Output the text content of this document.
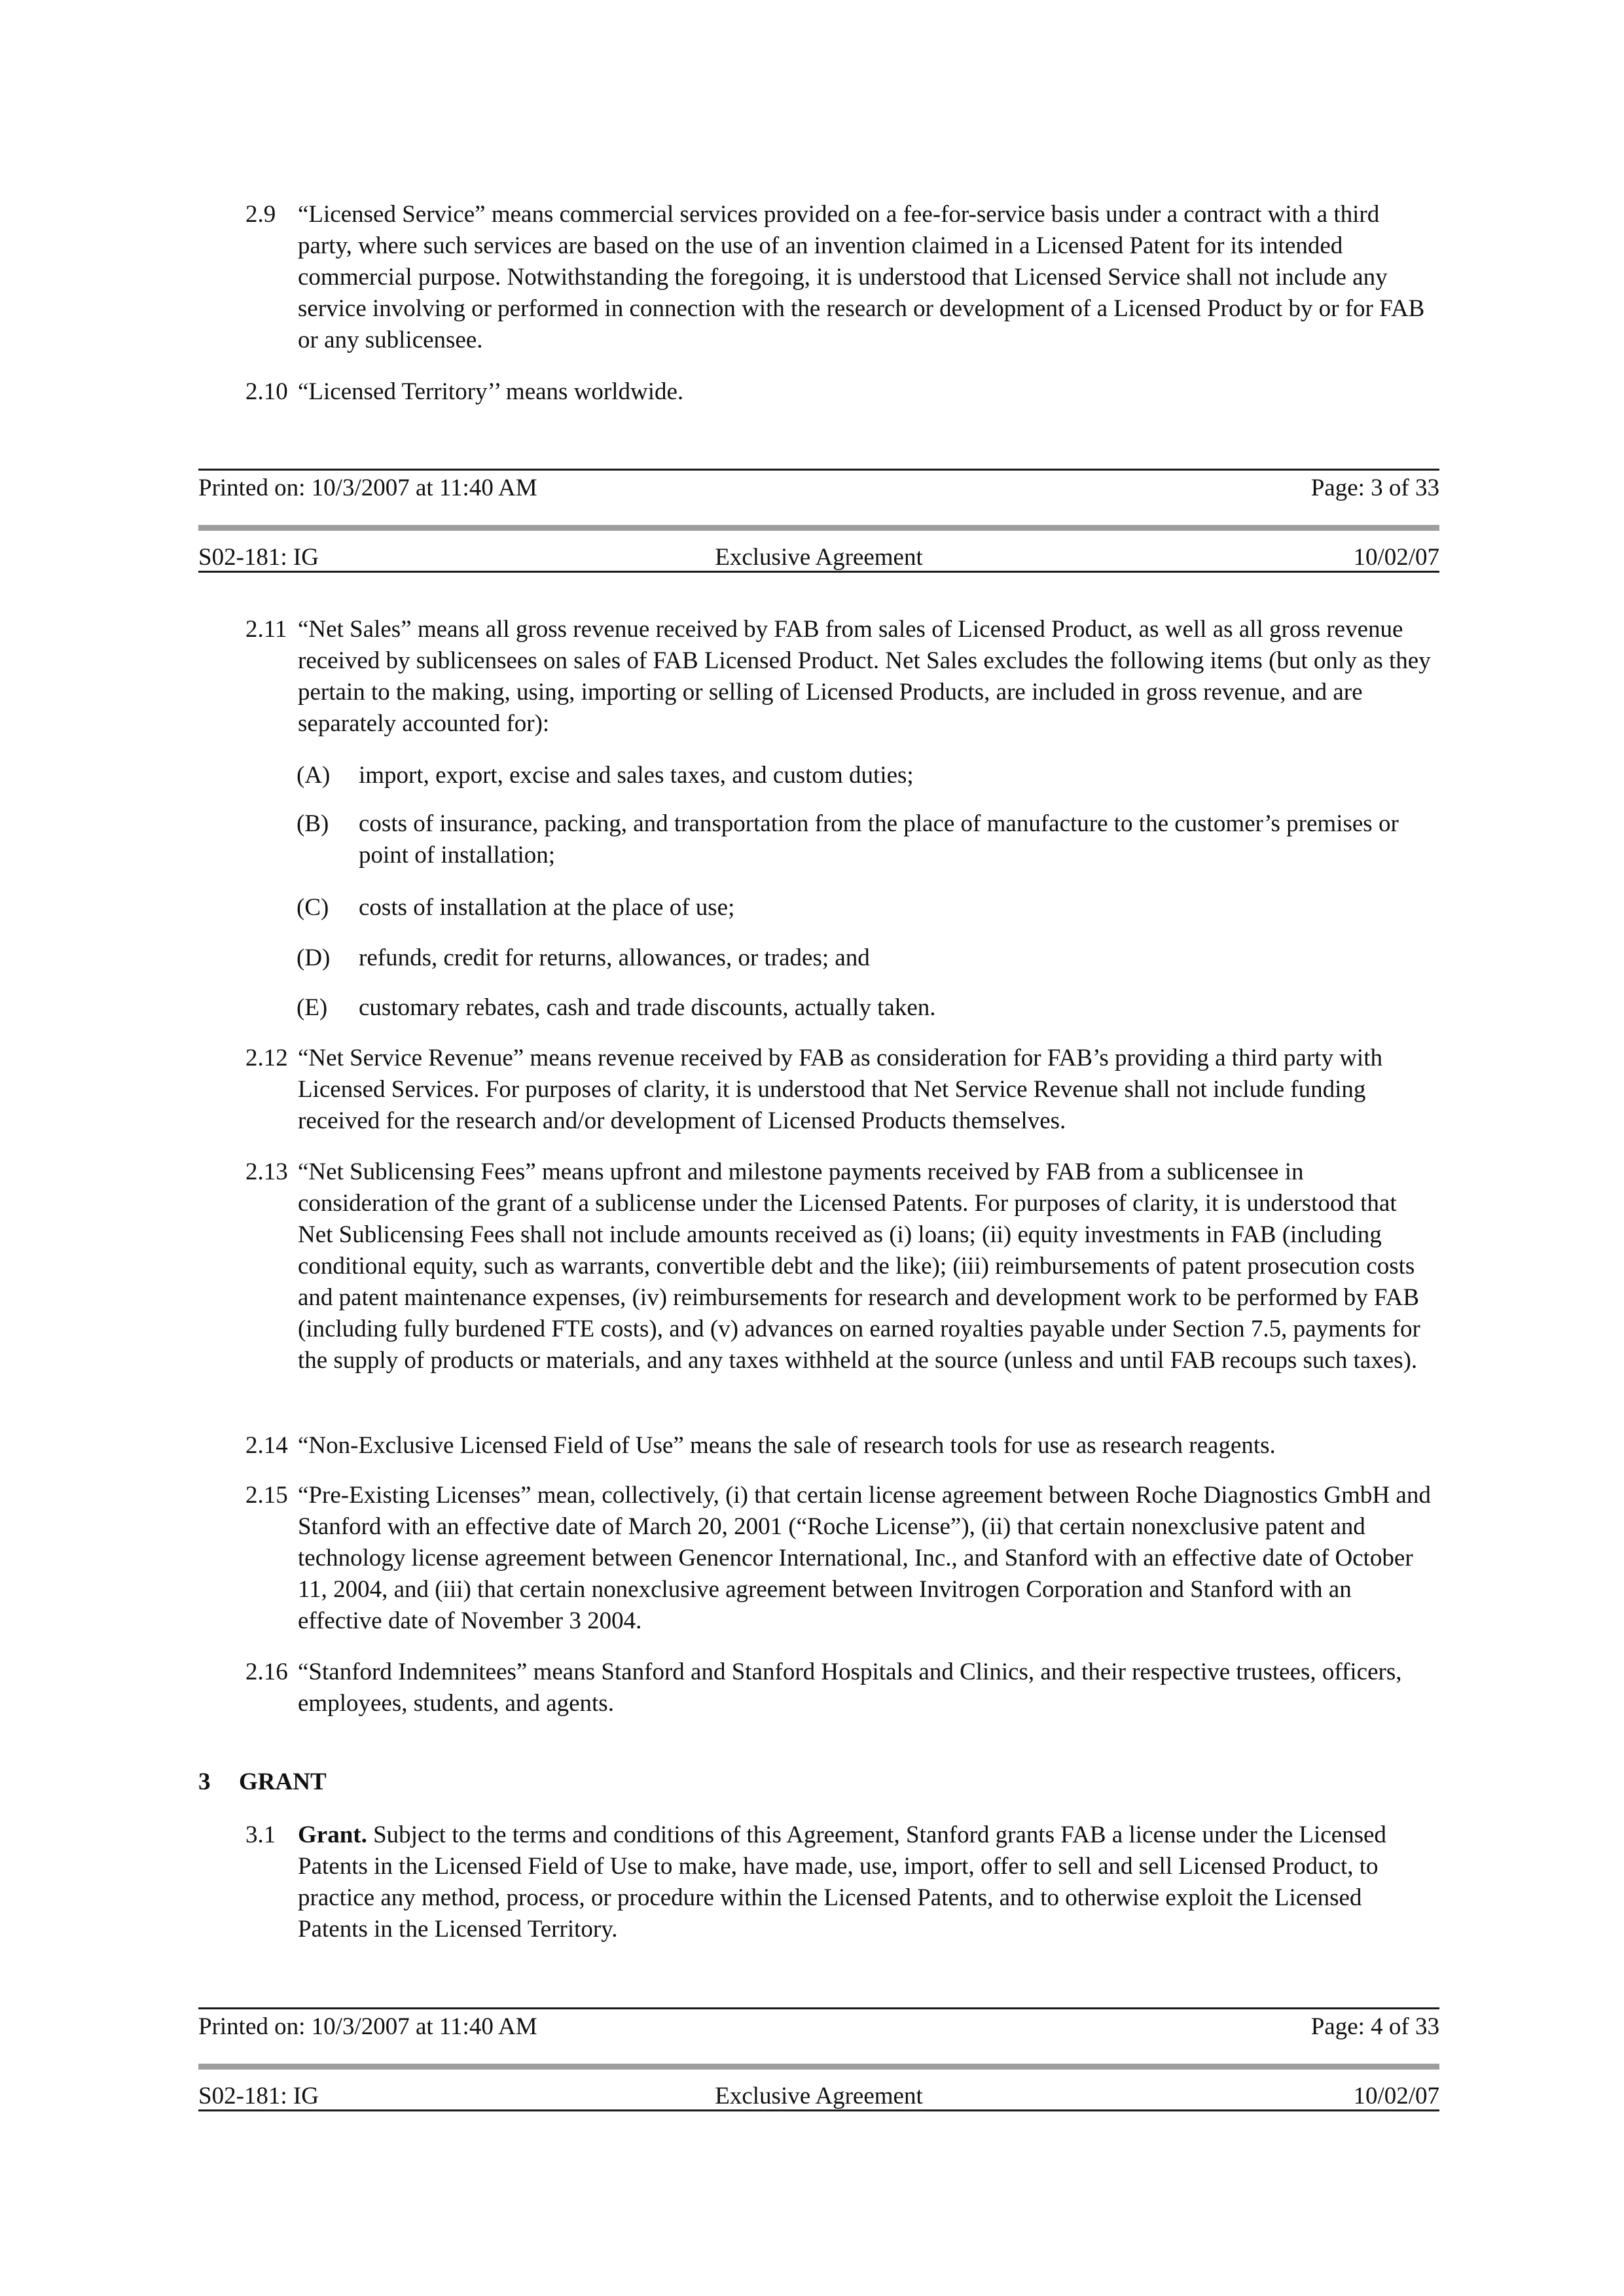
2.9 “Licensed Service” means commercial services provided on a fee-for-service basis under a contract with a third party, where such services are based on the use of an invention claimed in a Licensed Patent for its intended commercial purpose. Notwithstanding the foregoing, it is understood that Licensed Service shall not include any service involving or performed in connection with the research or development of a Licensed Product by or for FAB or any sublicensee.
2.10 “Licensed Territory’’ means worldwide.
Printed on: 10/3/2007 at 11:40 AM	Page: 3 of 33
S02-181: IG	Exclusive Agreement	10/02/07
2.11 “Net Sales” means all gross revenue received by FAB from sales of Licensed Product, as well as all gross revenue received by sublicensees on sales of FAB Licensed Product. Net Sales excludes the following items (but only as they pertain to the making, using, importing or selling of Licensed Products, are included in gross revenue, and are separately accounted for):
(A) import, export, excise and sales taxes, and custom duties;
(B) costs of insurance, packing, and transportation from the place of manufacture to the customer’s premises or point of installation;
(C) costs of installation at the place of use;
(D) refunds, credit for returns, allowances, or trades; and
(E) customary rebates, cash and trade discounts, actually taken.
2.12 “Net Service Revenue” means revenue received by FAB as consideration for FAB’s providing a third party with Licensed Services. For purposes of clarity, it is understood that Net Service Revenue shall not include funding received for the research and/or development of Licensed Products themselves.
2.13 “Net Sublicensing Fees” means upfront and milestone payments received by FAB from a sublicensee in consideration of the grant of a sublicense under the Licensed Patents. For purposes of clarity, it is understood that Net Sublicensing Fees shall not include amounts received as (i) loans; (ii) equity investments in FAB (including conditional equity, such as warrants, convertible debt and the like); (iii) reimbursements of patent prosecution costs and patent maintenance expenses, (iv) reimbursements for research and development work to be performed by FAB (including fully burdened FTE costs), and (v) advances on earned royalties payable under Section 7.5, payments for the supply of products or materials, and any taxes withheld at the source (unless and until FAB recoups such taxes).
2.14 “Non-Exclusive Licensed Field of Use” means the sale of research tools for use as research reagents.
2.15 “Pre-Existing Licenses” mean, collectively, (i) that certain license agreement between Roche Diagnostics GmbH and Stanford with an effective date of March 20, 2001 (“Roche License”), (ii) that certain nonexclusive patent and technology license agreement between Genencor International, Inc., and Stanford with an effective date of October 11, 2004, and (iii) that certain nonexclusive agreement between Invitrogen Corporation and Stanford with an effective date of November 3 2004.
2.16 “Stanford Indemnitees” means Stanford and Stanford Hospitals and Clinics, and their respective trustees, officers, employees, students, and agents.
3 GRANT
3.1 Grant. Subject to the terms and conditions of this Agreement, Stanford grants FAB a license under the Licensed Patents in the Licensed Field of Use to make, have made, use, import, offer to sell and sell Licensed Product, to practice any method, process, or procedure within the Licensed Patents, and to otherwise exploit the Licensed Patents in the Licensed Territory.
Printed on: 10/3/2007 at 11:40 AM	Page: 4 of 33
S02-181: IG	Exclusive Agreement	10/02/07
